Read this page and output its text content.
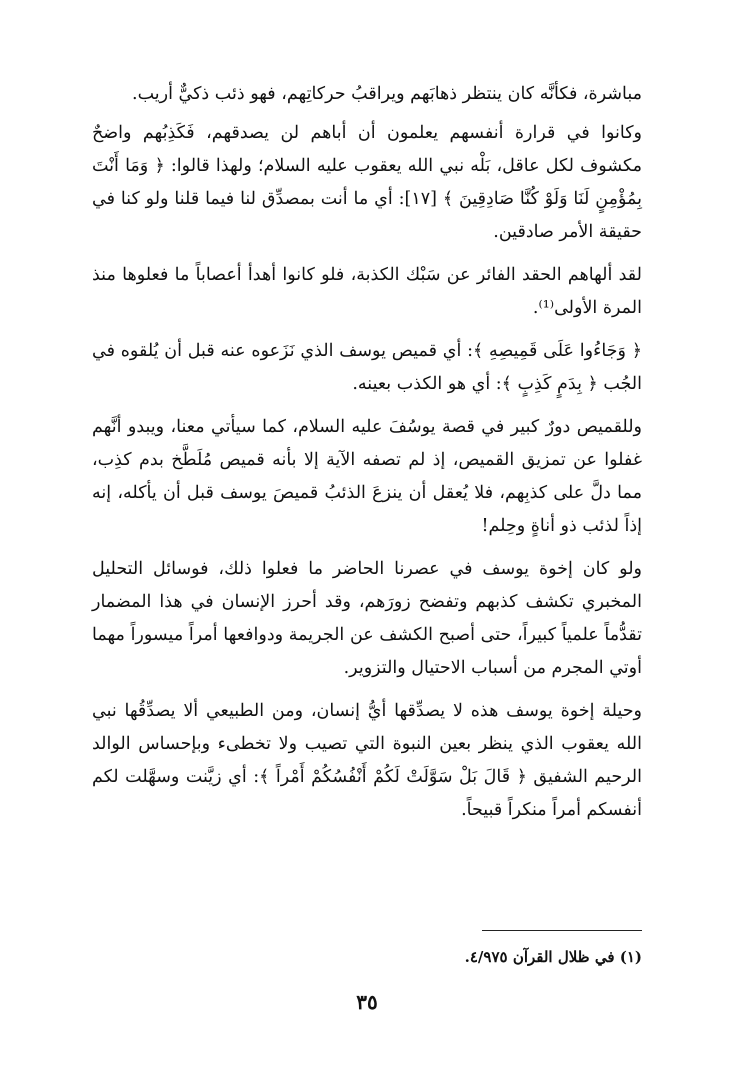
مباشرة، فكأنَّه كان ينتظر ذهابَهم ويراقبُ حركاتِهم، فهو ذئب ذكيٌّ أريب.

وكانوا في قرارة أنفسهم يعلمون أن أباهم لن يصدقهم، فَكَذِبُهم واضحٌ مكشوف لكل عاقل، بَلْه نبي الله يعقوب عليه السلام؛ ولهذا قالوا: ﴿ وَمَا أَنْتَ بِمُؤْمِنٍ لَنَا وَلَوْ كُنَّا صَادِقِينَ ﴾ [١٧]: أي ما أنت بمصدِّق لنا فيما قلنا ولو كنا في حقيقة الأمر صادقين.

لقد ألهاهم الحقد الفائر عن سَبْك الكذبة، فلو كانوا أهدأ أعصاباً ما فعلوها منذ المرة الأولى⁽¹⁾.

﴿ وَجَاءُوا عَلَى قَمِيصِهِ ﴾: أي قميص يوسف الذي نَزَعوه عنه قبل أن يُلقوه في الجُب ﴿ بِدَمٍ كَذِبٍ ﴾: أي هو الكذب بعينه.

وللقميص دورٌ كبير في قصة يوسُفَ عليه السلام، كما سيأتي معنا، ويبدو أنَّهم غفلوا عن تمزيق القميص، إذ لم تصفه الآية إلا بأنه قميص مُلَطَّخ بدم كذِب، مما دلَّ على كذبِهم، فلا يُعقل أن ينزعَ الذئبُ قميصَ يوسف قبل أن يأكله، إنه إذاً لذئب ذو أناةٍ وحِلم!

ولو كان إخوة يوسف في عصرنا الحاضر ما فعلوا ذلك، فوسائل التحليل المخبري تكشف كذبهم وتفضح زورَهم، وقد أحرز الإنسان في هذا المضمار تقدُّماً علمياً كبيراً، حتى أصبح الكشف عن الجريمة ودوافعها أمراً ميسوراً مهما أوتي المجرم من أسباب الاحتيال والتزوير.

وحيلة إخوة يوسف هذه لا يصدِّقها أيُّ إنسان، ومن الطبيعي ألا يصدِّقُها نبي الله يعقوب الذي ينظر بعين النبوة التي تصيب ولا تخطىء وبإحساس الوالد الرحيم الشفيق ﴿ قَالَ بَلْ سَوَّلَتْ لَكُمْ أَنْفُسُكُمْ أَمْراً ﴾: أي زيَّنت وسهَّلت لكم أنفسكم أمراً منكراً قبيحاً.

(١) في ظلال القرآن ٤/٩٧٥.
٣٥
